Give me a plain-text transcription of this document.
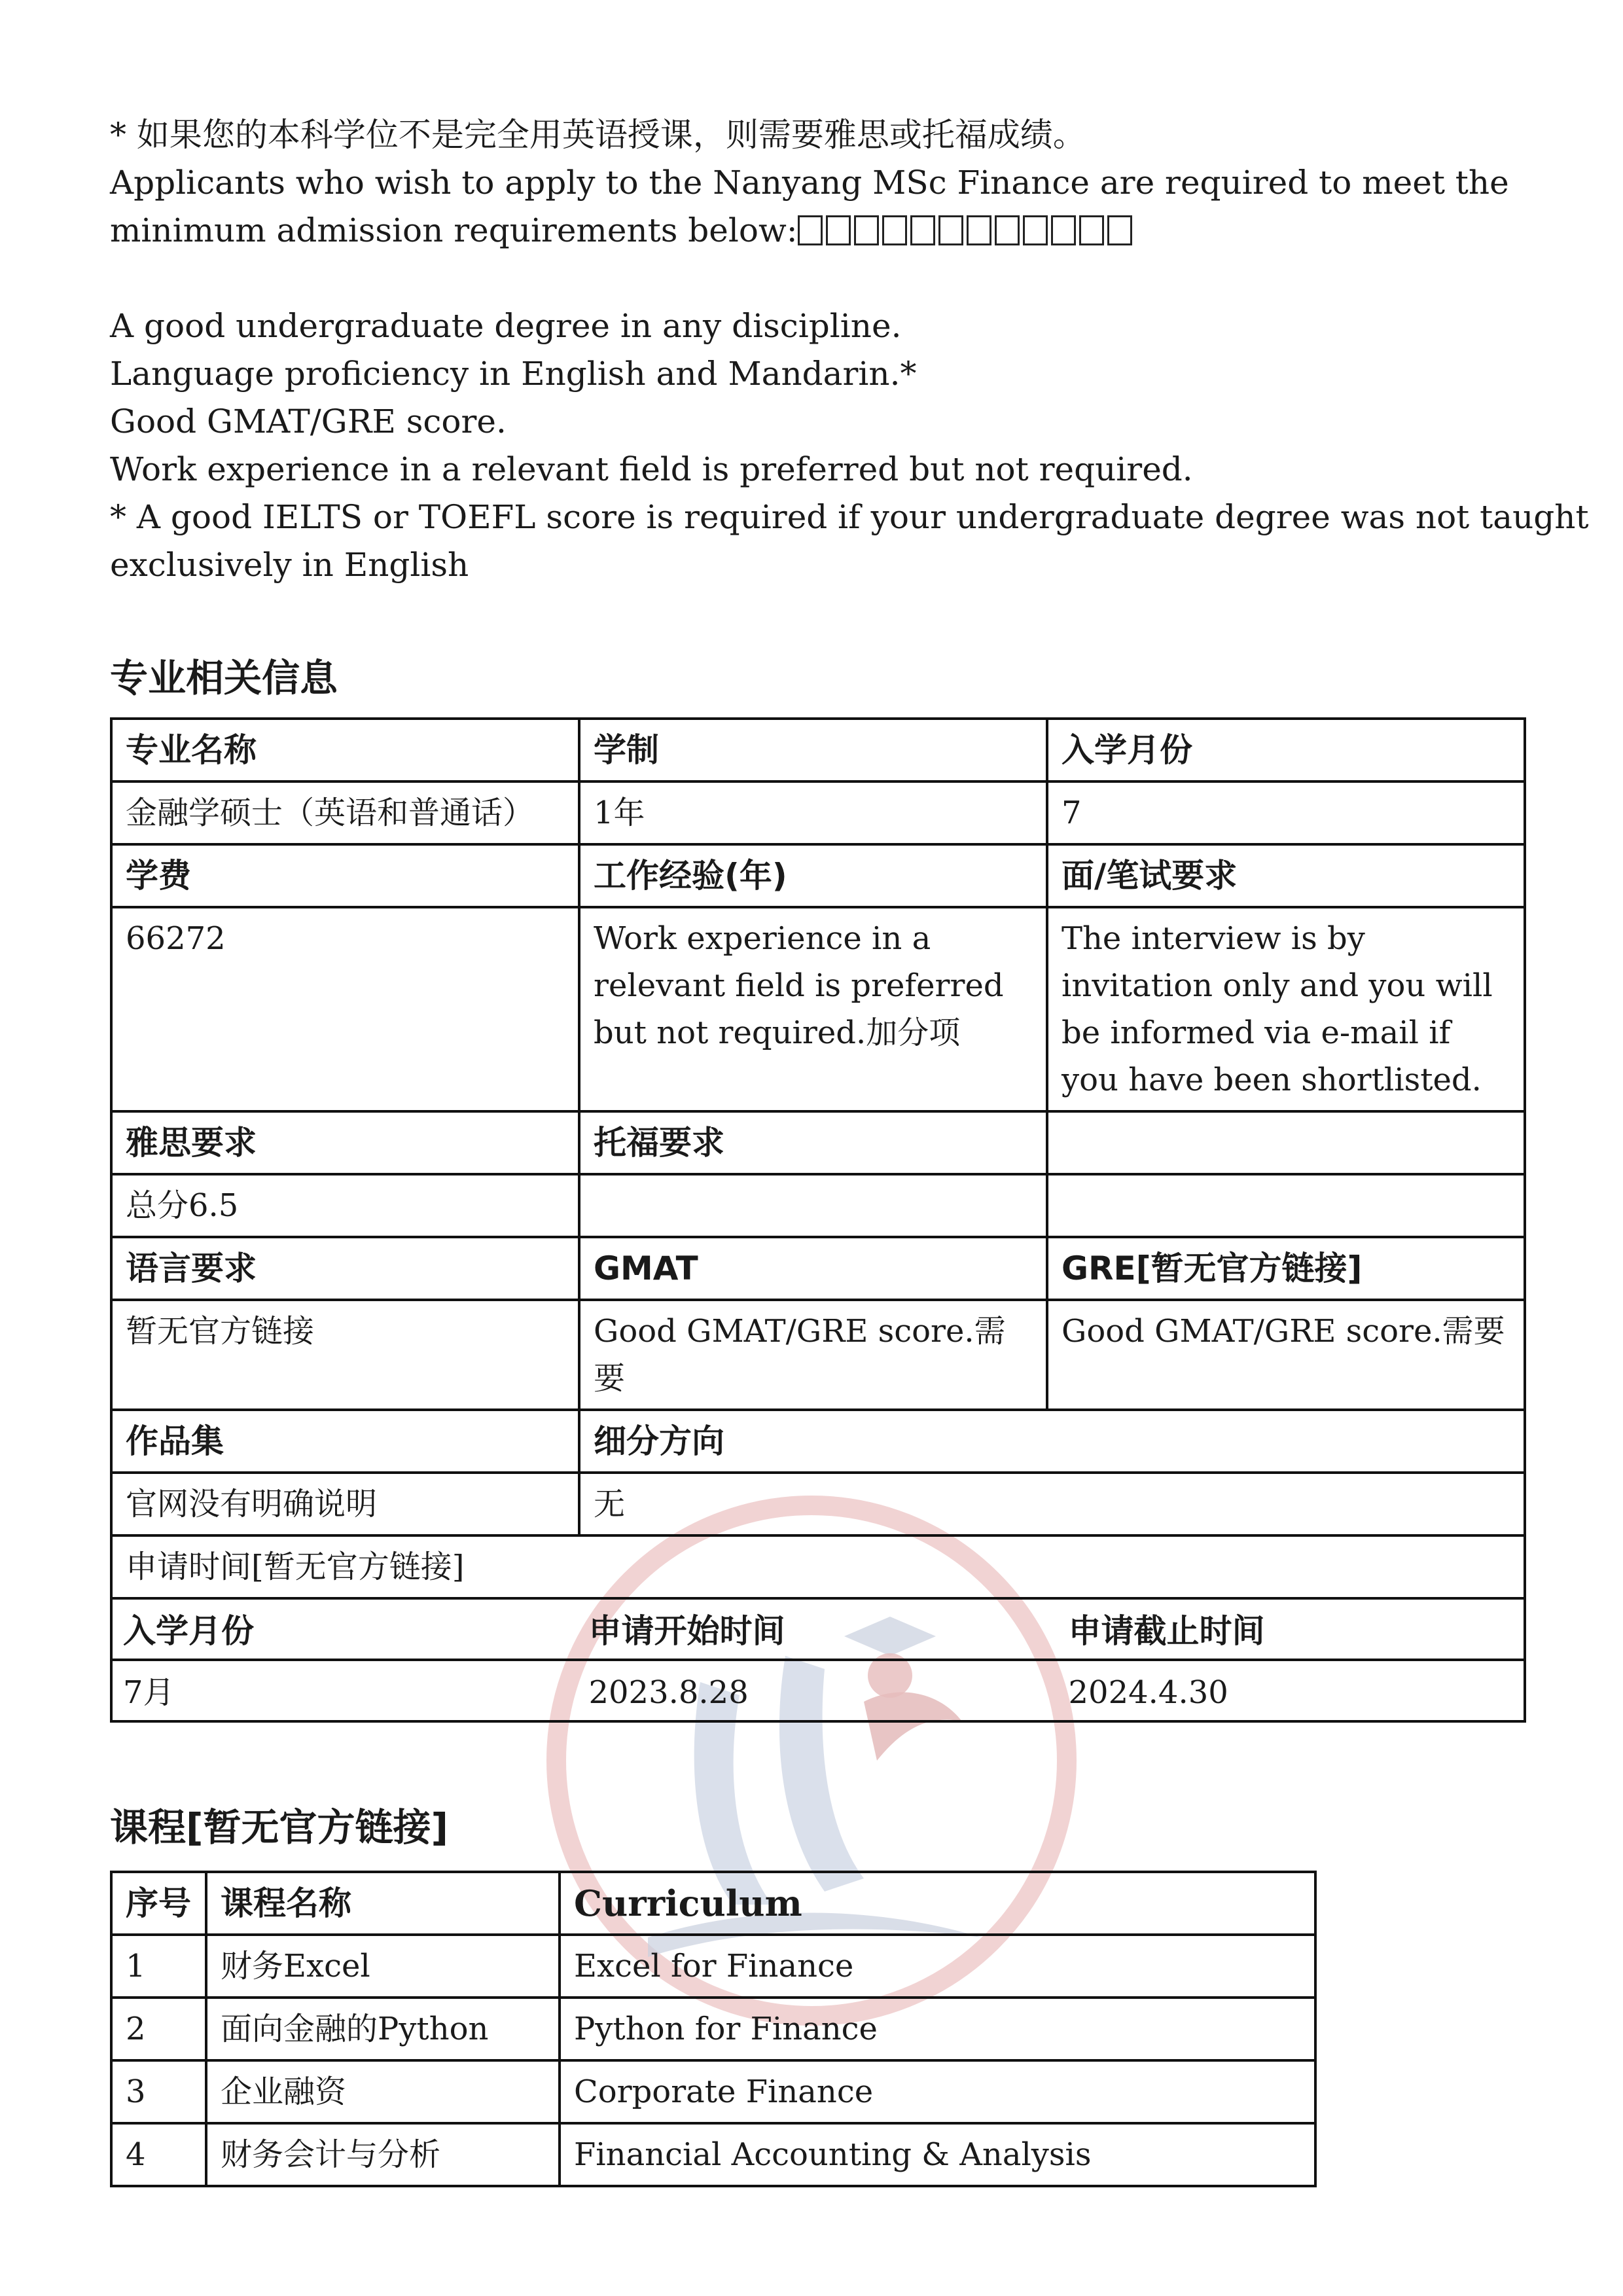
* 如果您的本科学位不是完全用英语授课，则需要雅思或托福成绩。

Applicants who wish to apply to the Nanyang MSc Finance are required to meet the

minimum admission requirements below:

A good undergraduate degree in any discipline.

Language proficiency in English and Mandarin.*

Good GMAT/GRE score.

Work experience in a relevant field is preferred but not required.

* A good IELTS or TOEFL score is required if your undergraduate degree was not taught

exclusively in English

专业相关信息
专业名称	学制	入学月份
金融学硕士（英语和普通话）	1年	7
学费	工作经验(年)	面/笔试要求
66272	Work experience in a relevant field is preferred but not required.加分项	The interview is by invitation only and you will be informed via e-mail if you have been shortlisted.
雅思要求	托福要求	
总分6.5		
语言要求	GMAT	GRE[暂无官方链接]
暂无官方链接	Good GMAT/GRE score.需要	Good GMAT/GRE score.需要
作品集	细分方向
官网没有明确说明	无
申请时间[暂无官方链接]

入学月份	申请开始时间	申请截止时间
7月	2023.8.28	2024.4.30
课程[暂无官方链接]
序号	课程名称	Curriculum
1	财务Excel	Excel for Finance
2	面向金融的Python	Python for Finance
3	企业融资	Corporate Finance
4	财务会计与分析	Financial Accounting & Analysis
